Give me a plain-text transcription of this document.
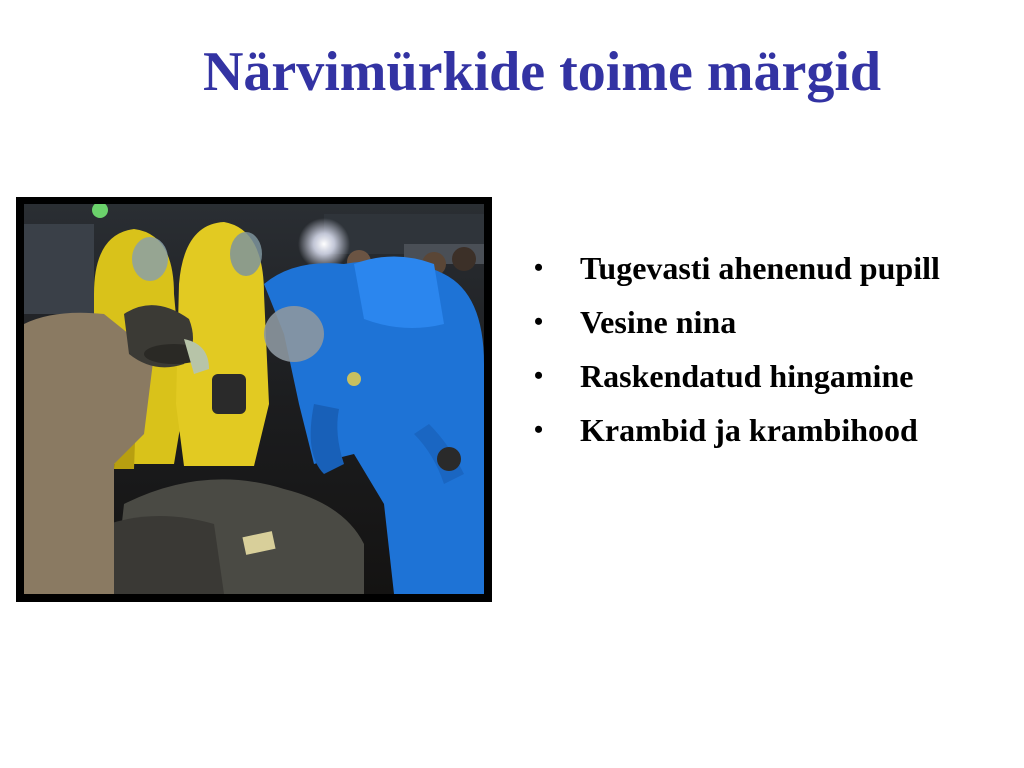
Närvimürkide toime märgid
• Tugevasti ahenenud pupill
• Vesine nina
• Raskendatud hingamine
• Krambid ja krambihood
